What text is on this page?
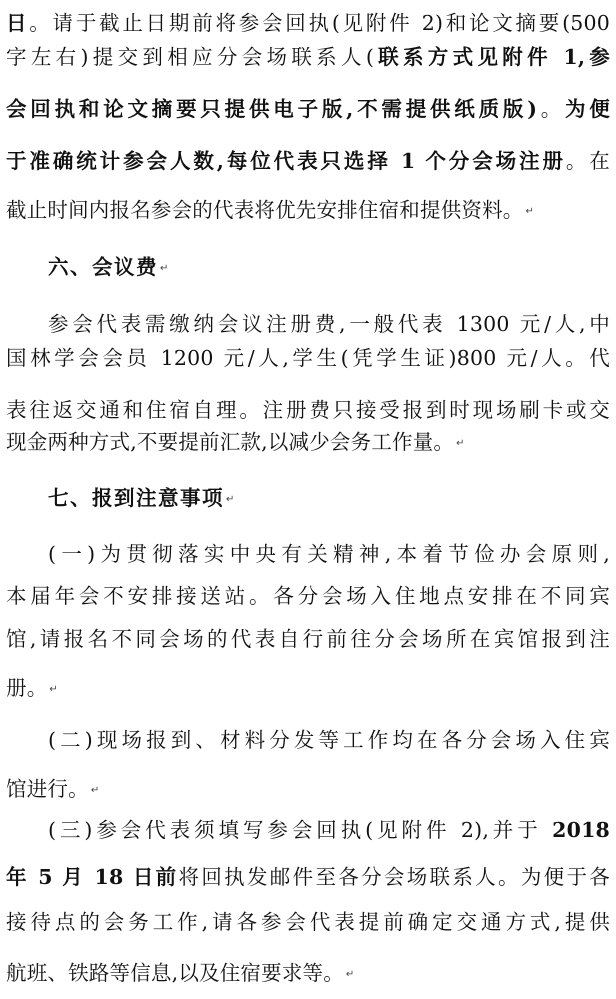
日。请于截止日期前将参会回执(见附件 2)和论文摘要(500
字左右)提交到相应分会场联系人(联系方式见附件 1,参
会回执和论文摘要只提供电子版,不需提供纸质版)。为便
于准确统计参会人数,每位代表只选择 1 个分会场注册。在
截止时间内报名参会的代表将优先安排住宿和提供资料。 ↵
六、会议费 ↵
参会代表需缴纳会议注册费,一般代表 1300 元/人,中
国林学会会员 1200 元/人,学生(凭学生证)800 元/人。代
表往返交通和住宿自理。注册费只接受报到时现场刷卡或交
现金两种方式,不要提前汇款,以减少会务工作量。 ↵
七、报到注意事项 ↵
(一)为贯彻落实中央有关精神,本着节俭办会原则,
本届年会不安排接送站。各分会场入住地点安排在不同宾
馆,请报名不同会场的代表自行前往分会场所在宾馆报到注
册。 ↵
(二)现场报到、材料分发等工作均在各分会场入住宾
馆进行。 ↵
(三)参会代表须填写参会回执(见附件 2),并于 2018
年 5 月 18 日前将回执发邮件至各分会场联系人。为便于各
接待点的会务工作,请各参会代表提前确定交通方式,提供
航班、铁路等信息,以及住宿要求等。 ↵
